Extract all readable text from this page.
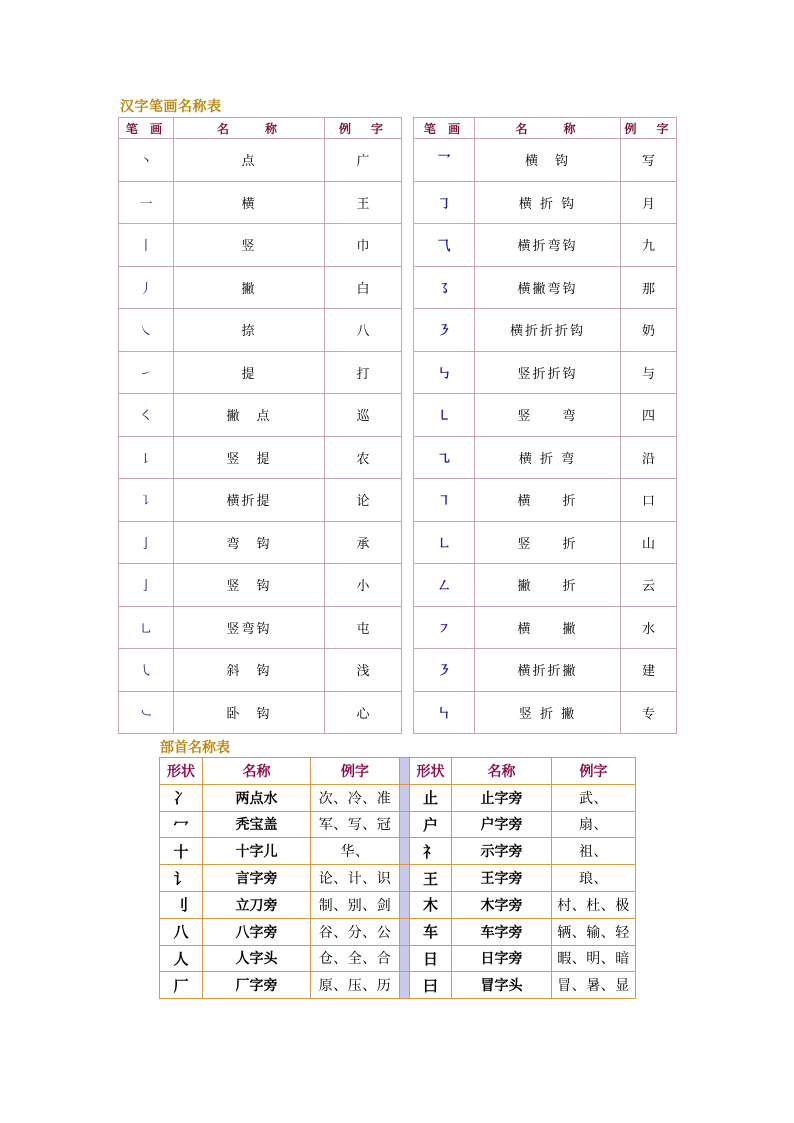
汉字笔画名称表
笔 画	名　　称	例　字		笔 画	名　　称	例　字
丶	点	广		乛	横　钩	写
一	横	王		㇆	横 折 钩	月
丨	竖	巾		⺄	横折弯钩	九
丿	撇	白		㇌	横撇弯钩	那
㇏	捺	八		㇋	横折折折钩	奶
㇀	提	打		㇉	竖折折钩	与
㇛	撇　点	巡		㇄	竖　　弯	四
㇙	竖　提	农		㇈	横 折 弯	沿
㇊	横折提	论		㇕	横　　折	口
亅	弯　钩	承		㇗	竖　　折	山
亅	竖　钩	小		㇜	撇　　折	云
㇟	竖弯钩	屯		㇇	横　　撇	水
㇂	斜　钩	浅		㇋	横折折撇	建
㇃	卧　钩	心		㇞	竖 折 撇	专
部首名称表
形状	名称	例字		形状	名称	例字
冫	两点水	次、冷、准		止	止字旁	武、
冖	秃宝盖	军、写、冠		户	户字旁	扇、
十	十字儿	华、		礻	示字旁	祖、
讠	言字旁	论、计、识		王	王字旁	琅、
刂	立刀旁	制、别、剑		木	木字旁	村、杜、极
八	八字旁	谷、分、公		车	车字旁	辆、输、轻
人	人字头	仓、全、合		日	日字旁	暇、明、暗
厂	厂字旁	原、压、历		曰	冒字头	冒、暑、显
